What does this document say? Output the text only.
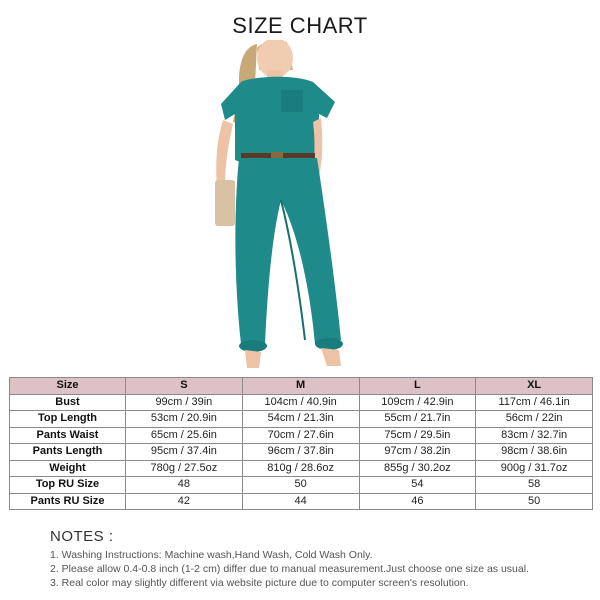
SIZE CHART
Size	S	M	L	XL
Bust	99cm / 39in	104cm / 40.9in	109cm / 42.9in	117cm / 46.1in
Top Length	53cm / 20.9in	54cm / 21.3in	55cm / 21.7in	56cm / 22in
Pants Waist	65cm / 25.6in	70cm / 27.6in	75cm / 29.5in	83cm / 32.7in
Pants Length	95cm / 37.4in	96cm / 37.8in	97cm / 38.2in	98cm / 38.6in
Weight	780g / 27.5oz	810g / 28.6oz	855g / 30.2oz	900g / 31.7oz
Top RU Size	48	50	54	58
Pants RU Size	42	44	46	50
NOTES :
1. Washing Instructions: Machine wash,Hand Wash, Cold Wash Only.
2. Please allow 0.4-0.8 inch (1-2 cm) differ due to manual measurement.Just choose one size as usual.
3. Real color may slightly different via website picture due to computer screen's resolution.
